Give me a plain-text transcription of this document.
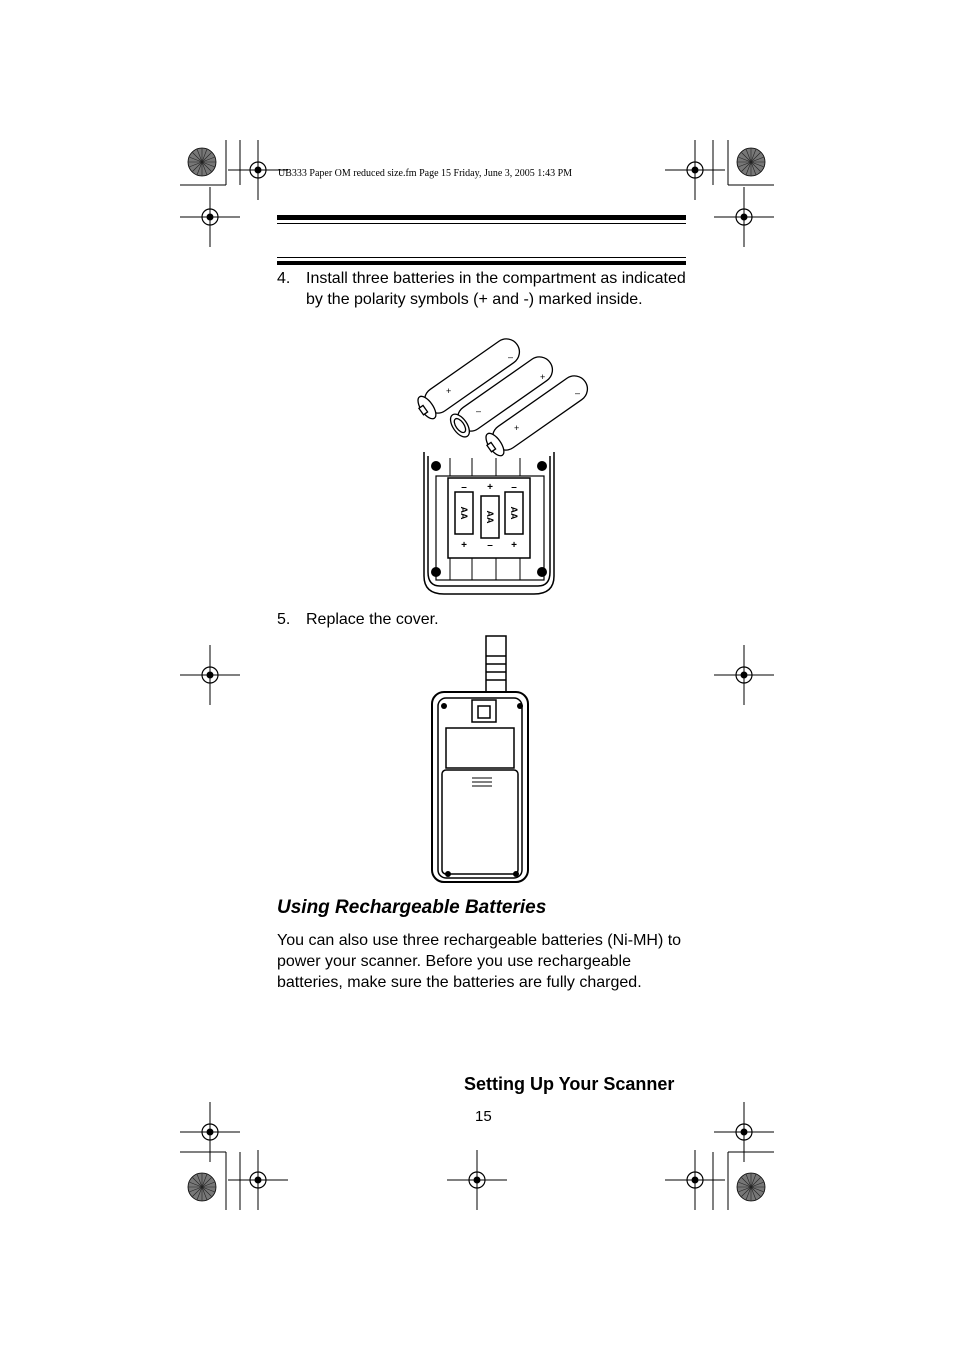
UB333 Paper OM reduced size.fm Page 15 Friday, June 3, 2005 1:43 PM
4. Install three batteries in the compartment as indicated by the polarity symbols (+ and -) marked inside.
+
–
–
+
+
–
– + –
+ – +
AA AA AA
5. Replace the cover.
Using Rechargeable Batteries
You can also use three rechargeable batteries (Ni-MH) to power your scanner. Before you use rechargeable batteries, make sure the batteries are fully charged.
Setting Up Your Scanner
15
